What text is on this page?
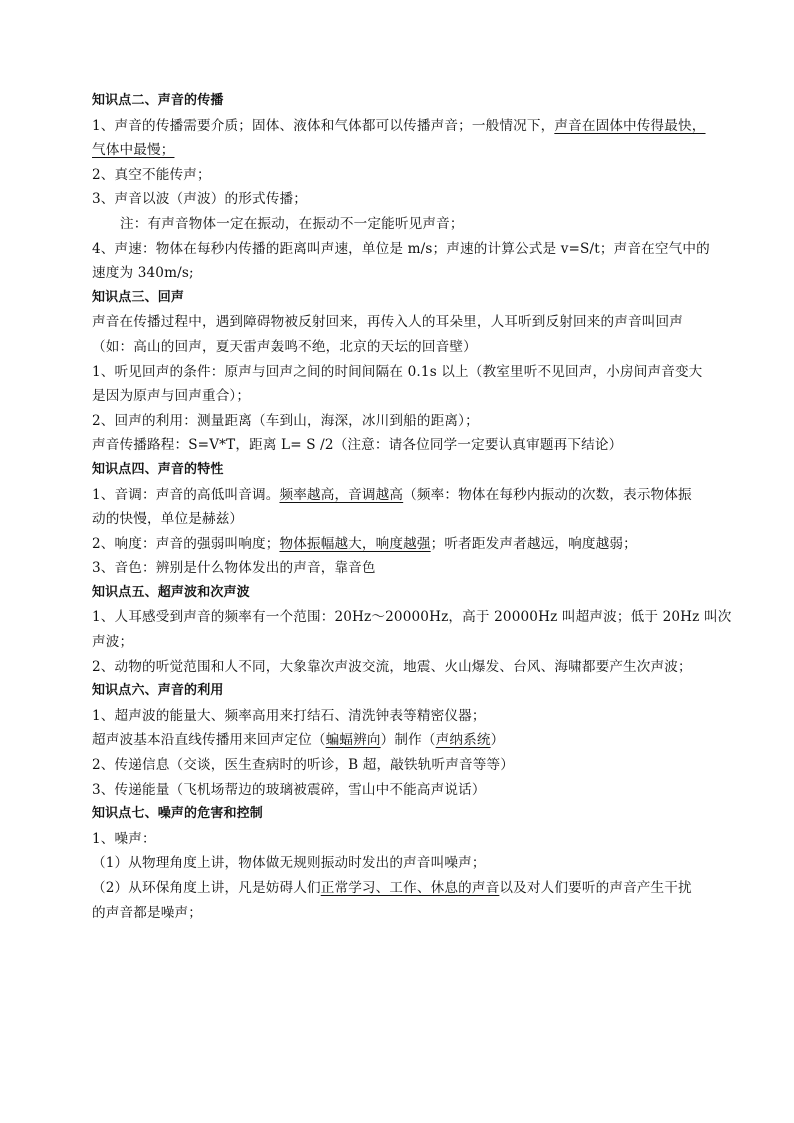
知识点二、声音的传播
1、声音的传播需要介质；固体、液体和气体都可以传播声音；一般情况下，声音在固体中传得最快，
气体中最慢；
2、真空不能传声；
3、声音以波（声波）的形式传播；
注：有声音物体一定在振动，在振动不一定能听见声音；
4、声速：物体在每秒内传播的距离叫声速，单位是 m/s；声速的计算公式是 v=S/t；声音在空气中的
速度为 340m/s;
知识点三、回声
声音在传播过程中，遇到障碍物被反射回来，再传入人的耳朵里，人耳听到反射回来的声音叫回声
（如：高山的回声，夏天雷声轰鸣不绝，北京的天坛的回音壁）
1、听见回声的条件：原声与回声之间的时间间隔在 0.1s 以上（教室里听不见回声，小房间声音变大
是因为原声与回声重合）；
2、回声的利用：测量距离（车到山，海深，冰川到船的距离）；
声音传播路程：S=V*T，距离 L= S /2（注意：请各位同学一定要认真审题再下结论）
知识点四、声音的特性
1、音调：声音的高低叫音调。频率越高，音调越高（频率：物体在每秒内振动的次数，表示物体振
动的快慢，单位是赫兹）
2、响度：声音的强弱叫响度；物体振幅越大，响度越强；听者距发声者越远，响度越弱；
3、音色：辨别是什么物体发出的声音，靠音色
知识点五、超声波和次声波
1、人耳感受到声音的频率有一个范围：20Hz～20000Hz，高于 20000Hz 叫超声波；低于 20Hz 叫次
声波；
2、动物的听觉范围和人不同，大象靠次声波交流，地震、火山爆发、台风、海啸都要产生次声波；
知识点六、声音的利用
1、超声波的能量大、频率高用来打结石、清洗钟表等精密仪器；
超声波基本沿直线传播用来回声定位（蝙蝠辨向）制作（声纳系统）
2、传递信息（交谈，医生查病时的听诊，B 超，敲铁轨听声音等等）
3、传递能量（飞机场帮边的玻璃被震碎，雪山中不能高声说话）
知识点七、噪声的危害和控制
1、噪声：
（1）从物理角度上讲，物体做无规则振动时发出的声音叫噪声；
（2）从环保角度上讲，凡是妨碍人们正常学习、工作、休息的声音以及对人们要听的声音产生干扰
的声音都是噪声；
